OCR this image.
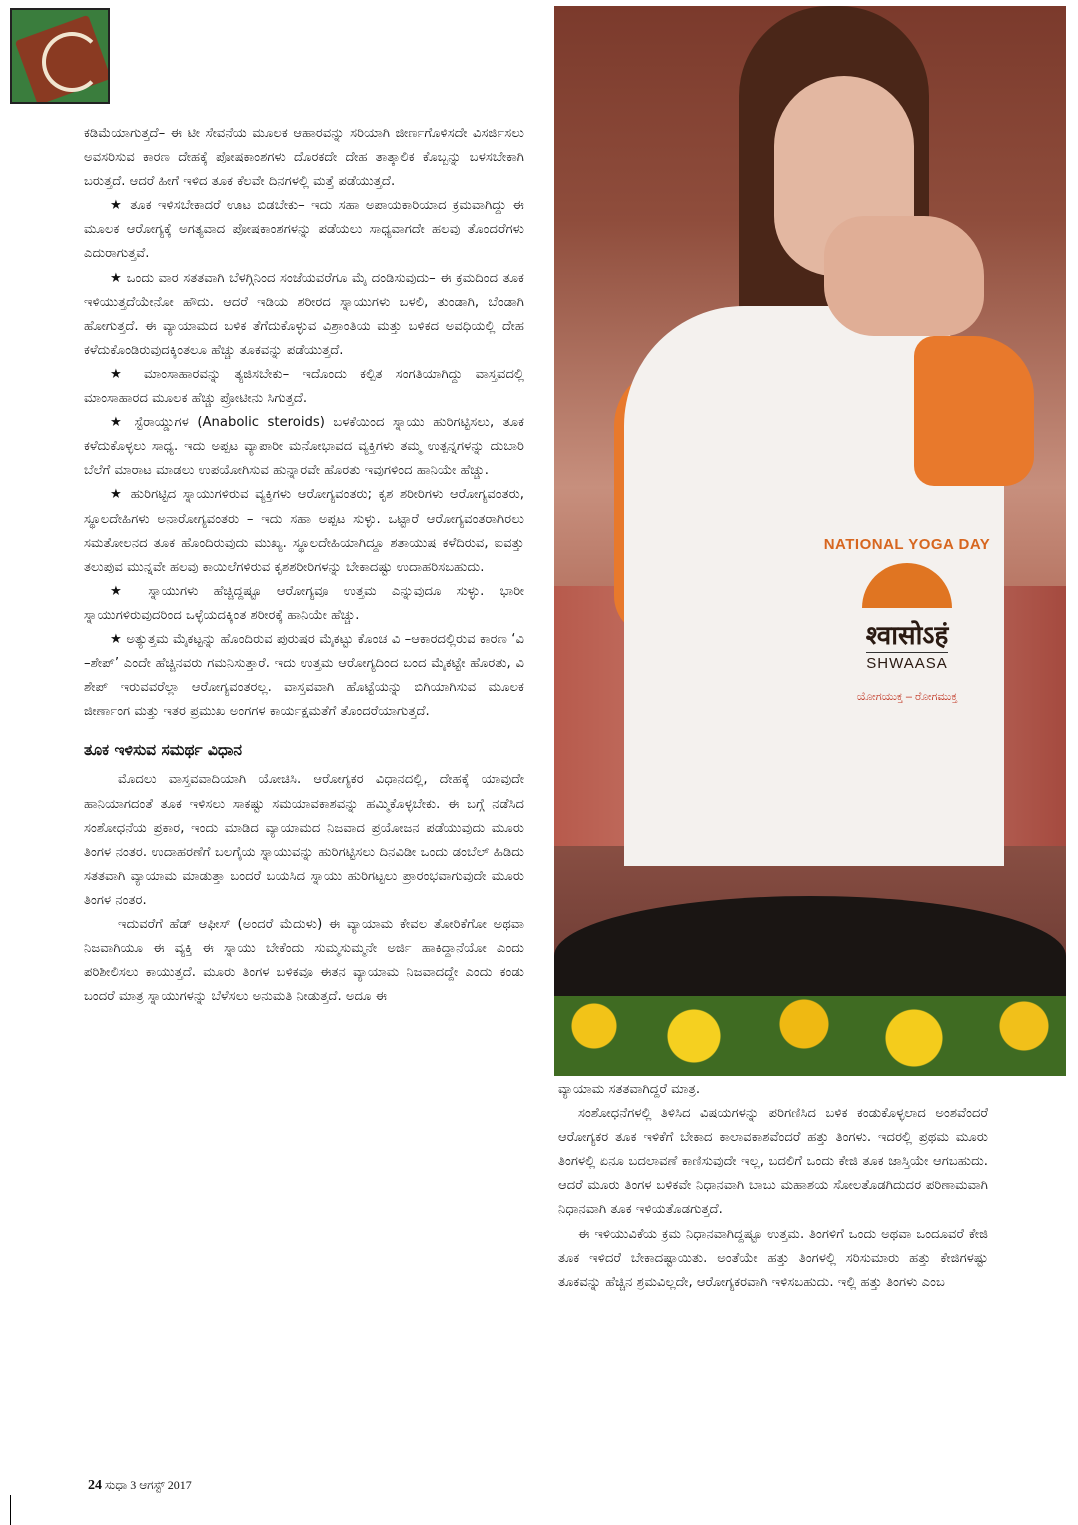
ಕಡಿಮೆಯಾಗುತ್ತದೆ– ಈ ಟೀ ಸೇವನೆಯ ಮೂಲಕ ಆಹಾರವನ್ನು ಸರಿಯಾಗಿ ಜೀರ್ಣಗೊಳಿಸದೇ ವಿಸರ್ಜಿಸಲು ಅವಸರಿಸುವ ಕಾರಣ ದೇಹಕ್ಕೆ ಪೋಷಕಾಂಶಗಳು ದೊರಕದೇ ದೇಹ ತಾತ್ಕಾಲಿಕ ಕೊಬ್ಬನ್ನು ಬಳಸಬೇಕಾಗಿ ಬರುತ್ತದೆ. ಆದರೆ ಹೀಗೆ ಇಳಿದ ತೂಕ ಕೆಲವೇ ದಿನಗಳಲ್ಲಿ ಮತ್ತೆ ಪಡೆಯುತ್ತದೆ.

★ ತೂಕ ಇಳಿಸಬೇಕಾದರೆ ಊಟ ಬಿಡಬೇಕು– ಇದು ಸಹಾ ಅಪಾಯಕಾರಿಯಾದ ಕ್ರಮವಾಗಿದ್ದು ಈ ಮೂಲಕ ಆರೋಗ್ಯಕ್ಕೆ ಅಗತ್ಯವಾದ ಪೋಷಕಾಂಶಗಳನ್ನು ಪಡೆಯಲು ಸಾಧ್ಯವಾಗದೇ ಹಲವು ತೊಂದರೆಗಳು ಎದುರಾಗುತ್ತವೆ.

★ ಒಂದು ವಾರ ಸತತವಾಗಿ ಬೆಳಗ್ಗಿನಿಂದ ಸಂಜೆಯವರೆಗೂ ಮೈ ದಂಡಿಸುವುದು– ಈ ಕ್ರಮದಿಂದ ತೂಕ ಇಳಿಯುತ್ತದೆಯೇನೋ ಹೌದು. ಆದರೆ ಇಡಿಯ ಶರೀರದ ಸ್ನಾಯುಗಳು ಬಳಲಿ, ತುಂಡಾಗಿ, ಬೆಂಡಾಗಿ ಹೋಗುತ್ತದೆ. ಈ ವ್ಯಾಯಾಮದ ಬಳಿಕ ತೆಗೆದುಕೊಳ್ಳುವ ವಿಶ್ರಾಂತಿಯ ಮತ್ತು ಬಳಿಕದ ಅವಧಿಯಲ್ಲಿ ದೇಹ ಕಳೆದುಕೊಂಡಿರುವುದಕ್ಕಿಂತಲೂ ಹೆಚ್ಚು ತೂಕವನ್ನು ಪಡೆಯುತ್ತದೆ.

★ ಮಾಂಸಾಹಾರವನ್ನು ತ್ಯಜಿಸಬೇಕು– ಇದೊಂದು ಕಲ್ಪಿತ ಸಂಗತಿಯಾಗಿದ್ದು ವಾಸ್ತವದಲ್ಲಿ ಮಾಂಸಾಹಾರದ ಮೂಲಕ ಹೆಚ್ಚು ಪ್ರೋಟೀನು ಸಿಗುತ್ತದೆ.

★ ಸ್ಟೆರಾಯ್ಡುಗಳ (Anabolic steroids) ಬಳಕೆಯಿಂದ ಸ್ನಾಯು ಹುರಿಗಟ್ಟಿಸಲು, ತೂಕ ಕಳೆದುಕೊಳ್ಳಲು ಸಾಧ್ಯ. ಇದು ಅಪ್ಪಟ ವ್ಯಾಪಾರೀ ಮನೋಭಾವದ ವ್ಯಕ್ತಿಗಳು ತಮ್ಮ ಉತ್ಪನ್ನಗಳನ್ನು ದುಬಾರಿ ಬೆಲೆಗೆ ಮಾರಾಟ ಮಾಡಲು ಉಪಯೋಗಿಸುವ ಹುನ್ನಾರವೇ ಹೊರತು ಇವುಗಳಿಂದ ಹಾನಿಯೇ ಹೆಚ್ಚು.

★ ಹುರಿಗಟ್ಟಿದ ಸ್ನಾಯುಗಳಿರುವ ವ್ಯಕ್ತಿಗಳು ಆರೋಗ್ಯವಂತರು; ಕೃಶ ಶರೀರಿಗಳು ಆರೋಗ್ಯವಂತರು, ಸ್ಥೂಲದೇಹಿಗಳು ಅನಾರೋಗ್ಯವಂತರು – ಇದು ಸಹಾ ಅಪ್ಪಟ ಸುಳ್ಳು. ಒಟ್ಟಾರೆ ಆರೋಗ್ಯವಂತರಾಗಿರಲು ಸಮತೋಲನದ ತೂಕ ಹೊಂದಿರುವುದು ಮುಖ್ಯ. ಸ್ಥೂಲದೇಹಿಯಾಗಿದ್ದೂ ಶತಾಯುಷ ಕಳೆದಿರುವ, ಐವತ್ತು ತಲುಪುವ ಮುನ್ನವೇ ಹಲವು ಕಾಯಿಲೆಗಳಿರುವ ಕೃಶಶರೀರಿಗಳನ್ನು ಬೇಕಾದಷ್ಟು ಉದಾಹರಿಸಬಹುದು.

★ ಸ್ನಾಯುಗಳು ಹೆಚ್ಚಿದ್ದಷ್ಟೂ ಆರೋಗ್ಯವೂ ಉತ್ತಮ ಎನ್ನುವುದೂ ಸುಳ್ಳು. ಭಾರೀ ಸ್ನಾಯುಗಳಿರುವುದರಿಂದ ಒಳ್ಳೆಯದಕ್ಕಿಂತ ಶರೀರಕ್ಕೆ ಹಾನಿಯೇ ಹೆಚ್ಚು.

★ ಅತ್ಯುತ್ತಮ ಮೈಕಟ್ಟನ್ನು ಹೊಂದಿರುವ ಪುರುಷರ ಮೈಕಟ್ಟು ಕೊಂಚ ವಿ –ಆಕಾರದಲ್ಲಿರುವ ಕಾರಣ ‘ವಿ –ಶೇಪ್’ ಎಂದೇ ಹೆಚ್ಚಿನವರು ಗಮನಿಸುತ್ತಾರೆ. ಇದು ಉತ್ತಮ ಆರೋಗ್ಯದಿಂದ ಬಂದ ಮೈಕಟ್ಟೇ ಹೊರತು, ವಿ ಶೇಪ್ ಇರುವವರೆಲ್ಲಾ ಆರೋಗ್ಯವಂತರಲ್ಲ. ವಾಸ್ತವವಾಗಿ ಹೊಟ್ಟೆಯನ್ನು ಬಿಗಿಯಾಗಿಸುವ ಮೂಲಕ ಜೀರ್ಣಾಂಗ ಮತ್ತು ಇತರ ಪ್ರಮುಖ ಅಂಗಗಳ ಕಾರ್ಯಕ್ಷಮತೆಗೆ ತೊಂದರೆಯಾಗುತ್ತದೆ.

ತೂಕ ಇಳಿಸುವ ಸಮರ್ಥ ವಿಧಾನ

ಮೊದಲು ವಾಸ್ತವವಾದಿಯಾಗಿ ಯೋಚಿಸಿ. ಆರೋಗ್ಯಕರ ವಿಧಾನದಲ್ಲಿ, ದೇಹಕ್ಕೆ ಯಾವುದೇ ಹಾನಿಯಾಗದಂತೆ ತೂಕ ಇಳಿಸಲು ಸಾಕಷ್ಟು ಸಮಯಾವಕಾಶವನ್ನು ಹಮ್ಮಿಕೊಳ್ಳಬೇಕು. ಈ ಬಗ್ಗೆ ನಡೆಸಿದ ಸಂಶೋಧನೆಯ ಪ್ರಕಾರ, ಇಂದು ಮಾಡಿದ ವ್ಯಾಯಾಮದ ನಿಜವಾದ ಪ್ರಯೋಜನ ಪಡೆಯುವುದು ಮೂರು ತಿಂಗಳ ನಂತರ. ಉದಾಹರಣೆಗೆ ಬಲಗೈಯ ಸ್ನಾಯುವನ್ನು ಹುರಿಗಟ್ಟಿಸಲು ದಿನವಿಡೀ ಒಂದು ಡಂಬೆಲ್ ಹಿಡಿದು ಸತತವಾಗಿ ವ್ಯಾಯಾಮ ಮಾಡುತ್ತಾ ಬಂದರೆ ಬಯಸಿದ ಸ್ನಾಯು ಹುರಿಗಟ್ಟಲು ಪ್ರಾರಂಭವಾಗುವುದೇ ಮೂರು ತಿಂಗಳ ನಂತರ.

ಇದುವರೆಗೆ ಹೆಡ್ ಆಫೀಸ್ (ಅಂದರೆ ಮೆದುಳು) ಈ ವ್ಯಾಯಾಮ ಕೇವಲ ತೋರಿಕೆಗೋ ಅಥವಾ ನಿಜವಾಗಿಯೂ ಈ ವ್ಯಕ್ತಿ ಈ ಸ್ನಾಯು ಬೇಕೆಂದು ಸುಮ್ಮಸುಮ್ಮನೇ ಅರ್ಜಿ ಹಾಕಿದ್ದಾನೆಯೋ ಎಂದು ಪರಿಶೀಲಿಸಲು ಕಾಯುತ್ತದೆ. ಮೂರು ತಿಂಗಳ ಬಳಿಕವೂ ಈತನ ವ್ಯಾಯಾಮ ನಿಜವಾದದ್ದೇ ಎಂದು ಕಂಡು ಬಂದರೆ ಮಾತ್ರ ಸ್ನಾಯುಗಳನ್ನು ಬೆಳೆಸಲು ಅನುಮತಿ ನೀಡುತ್ತದೆ. ಅದೂ ಈ

NATIONAL YOGA DAY
श्वासोऽहं
SHWAASA
ಯೋಗಯುಕ್ತ – ರೋಗಮುಕ್ತ

ವ್ಯಾಯಾಮ ಸತತವಾಗಿದ್ದರೆ ಮಾತ್ರ.

ಸಂಶೋಧನೆಗಳಲ್ಲಿ ತಿಳಿಸಿದ ವಿಷಯಗಳನ್ನು ಪರಿಗಣಿಸಿದ ಬಳಿಕ ಕಂಡುಕೊಳ್ಳಲಾದ ಅಂಶವೆಂದರೆ ಆರೋಗ್ಯಕರ ತೂಕ ಇಳಿಕೆಗೆ ಬೇಕಾದ ಕಾಲಾವಕಾಶವೆಂದರೆ ಹತ್ತು ತಿಂಗಳು. ಇದರಲ್ಲಿ ಪ್ರಥಮ ಮೂರು ತಿಂಗಳಲ್ಲಿ ಏನೂ ಬದಲಾವಣೆ ಕಾಣಿಸುವುದೇ ಇಲ್ಲ, ಬದಲಿಗೆ ಒಂದು ಕೇಜಿ ತೂಕ ಜಾಸ್ತಿಯೇ ಆಗಬಹುದು. ಆದರೆ ಮೂರು ತಿಂಗಳ ಬಳಿಕವೇ ನಿಧಾನವಾಗಿ ಬಾಬು ಮಹಾಶಯ ಸೋಲತೊಡಗಿದುದರ ಪರಿಣಾಮವಾಗಿ ನಿಧಾನವಾಗಿ ತೂಕ ಇಳಿಯತೊಡಗುತ್ತದೆ.

ಈ ಇಳಿಯುವಿಕೆಯ ಕ್ರಮ ನಿಧಾನವಾಗಿದ್ದಷ್ಟೂ ಉತ್ತಮ. ತಿಂಗಳಿಗೆ ಒಂದು ಅಥವಾ ಒಂದೂವರೆ ಕೇಜಿ ತೂಕ ಇಳಿದರೆ ಬೇಕಾದಷ್ಟಾಯಿತು. ಅಂತೆಯೇ ಹತ್ತು ತಿಂಗಳಲ್ಲಿ ಸರಿಸುಮಾರು ಹತ್ತು ಕೇಜಿಗಳಷ್ಟು ತೂಕವನ್ನು ಹೆಚ್ಚಿನ ಶ್ರಮವಿಲ್ಲದೇ, ಆರೋಗ್ಯಕರವಾಗಿ ಇಳಿಸಬಹುದು. ಇಲ್ಲಿ ಹತ್ತು ತಿಂಗಳು ಎಂಬ

24 ಸುಧಾ 3 ಆಗಸ್ಟ್ 2017
